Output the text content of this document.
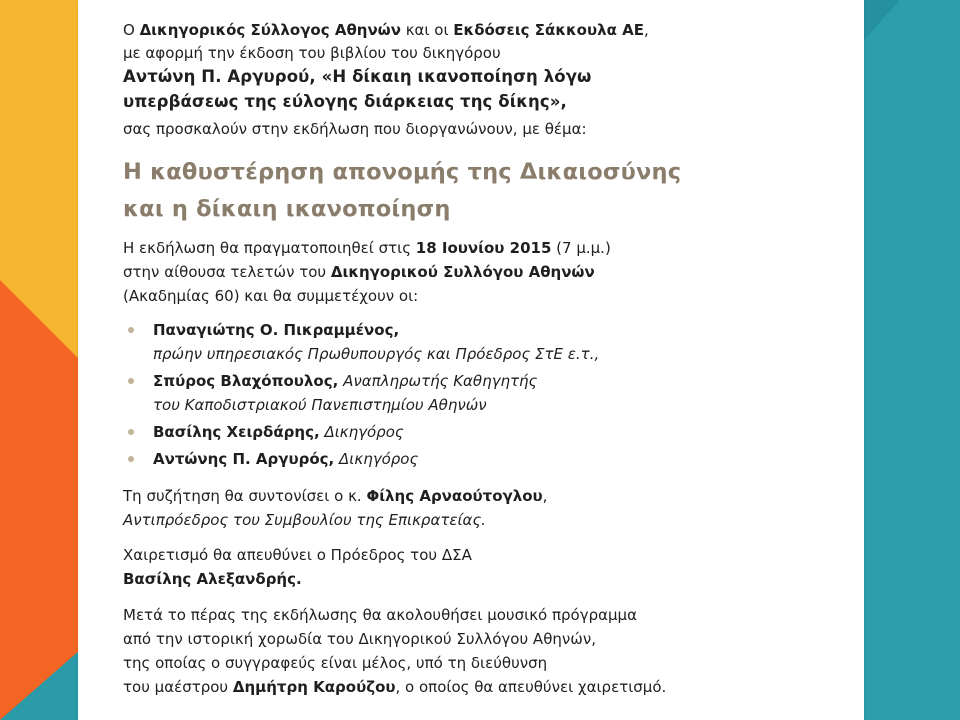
Ο Δικηγορικός Σύλλογος Αθηνών και οι Εκδόσεις Σάκκουλα ΑΕ,
με αφορμή την έκδοση του βιβλίου του δικηγόρου
Αντώνη Π. Αργυρού, «Η δίκαιη ικανοποίηση λόγω
υπερβάσεως της εύλογης διάρκειας της δίκης»,
σας προσκαλούν στην εκδήλωση που διοργανώνουν, με θέμα:
Η καθυστέρηση απονομής της Δικαιοσύνης
και η δίκαιη ικανοποίηση
Η εκδήλωση θα πραγματοποιηθεί στις 18 Ιουνίου 2015 (7 μ.μ.)
στην αίθουσα τελετών του Δικηγορικού Συλλόγου Αθηνών
(Ακαδημίας 60) και θα συμμετέχουν οι:
Παναγιώτης Ο. Πικραμμένος,
πρώην υπηρεσιακός Πρωθυπουργός και Πρόεδρος ΣτΕ ε.τ.,
Σπύρος Βλαχόπουλος, Αναπληρωτής Καθηγητής
του Καποδιστριακού Πανεπιστημίου Αθηνών
Βασίλης Χειρδάρης, Δικηγόρος
Αντώνης Π. Αργυρός, Δικηγόρος
Τη συζήτηση θα συντονίσει ο κ. Φίλης Αρναούτογλου,
Αντιπρόεδρος του Συμβουλίου της Επικρατείας.
Χαιρετισμό θα απευθύνει ο Πρόεδρος του ΔΣΑ
Βασίλης Αλεξανδρής.
Μετά το πέρας της εκδήλωσης θα ακολουθήσει μουσικό πρόγραμμα
από την ιστορική χορωδία του Δικηγορικού Συλλόγου Αθηνών,
της οποίας ο συγγραφεύς είναι μέλος, υπό τη διεύθυνση
του μαέστρου Δημήτρη Καρούζου, ο οποίος θα απευθύνει χαιρετισμό.
